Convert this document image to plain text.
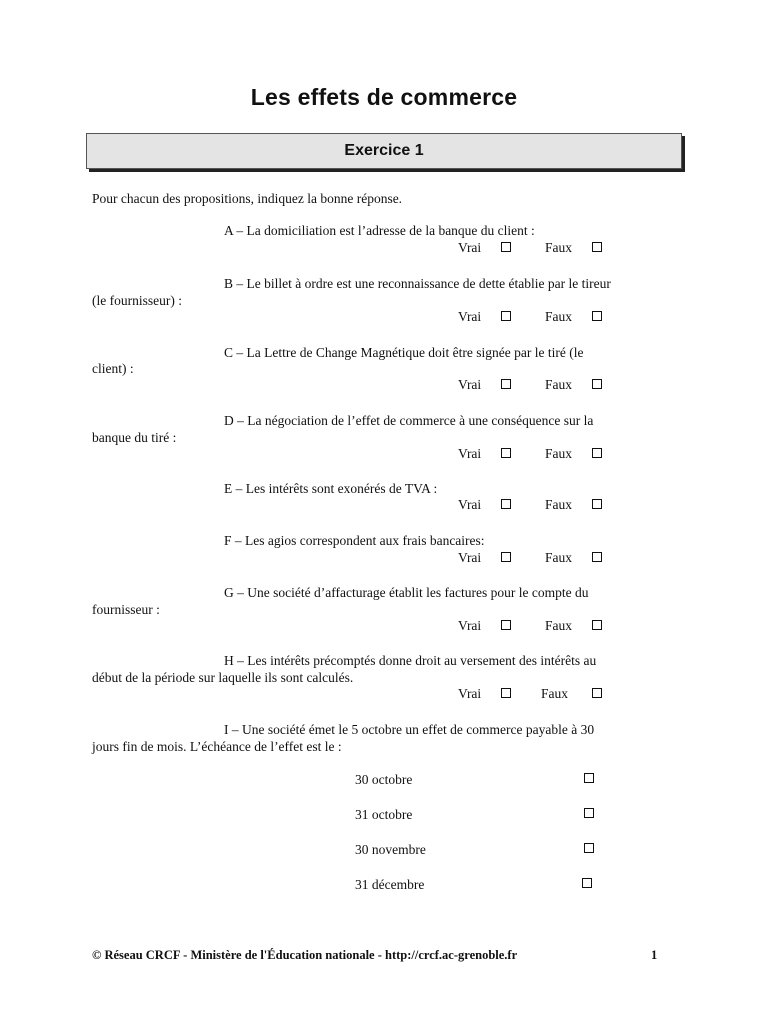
Les effets de commerce
Exercice 1
Pour chacun des propositions, indiquez la bonne réponse.
A – La domiciliation est l’adresse de la banque du client :
Vrai	Faux
B – Le billet à ordre est une reconnaissance de dette établie par le tireur
(le fournisseur) :
Vrai	Faux
C – La Lettre de Change Magnétique doit être signée par le tiré (le
client) :
Vrai	Faux
D – La négociation de l’effet de commerce à une conséquence sur la
banque du tiré :
Vrai	Faux
E – Les intérêts sont exonérés de TVA :
Vrai	Faux
F – Les agios correspondent aux frais bancaires:
Vrai	Faux
G – Une société d’affacturage établit les factures pour le compte du
fournisseur :
Vrai	Faux
H – Les intérêts précomptés donne droit au versement des intérêts au
début de la période sur laquelle ils sont calculés.
Vrai	Faux
I – Une société émet le 5 octobre un effet de commerce payable à 30
jours fin de mois. L’échéance de l’effet est le :
30 octobre
31 octobre
30 novembre
31 décembre
© Réseau CRCF - Ministère de l'Éducation nationale - http://crcf.ac-grenoble.fr	1
